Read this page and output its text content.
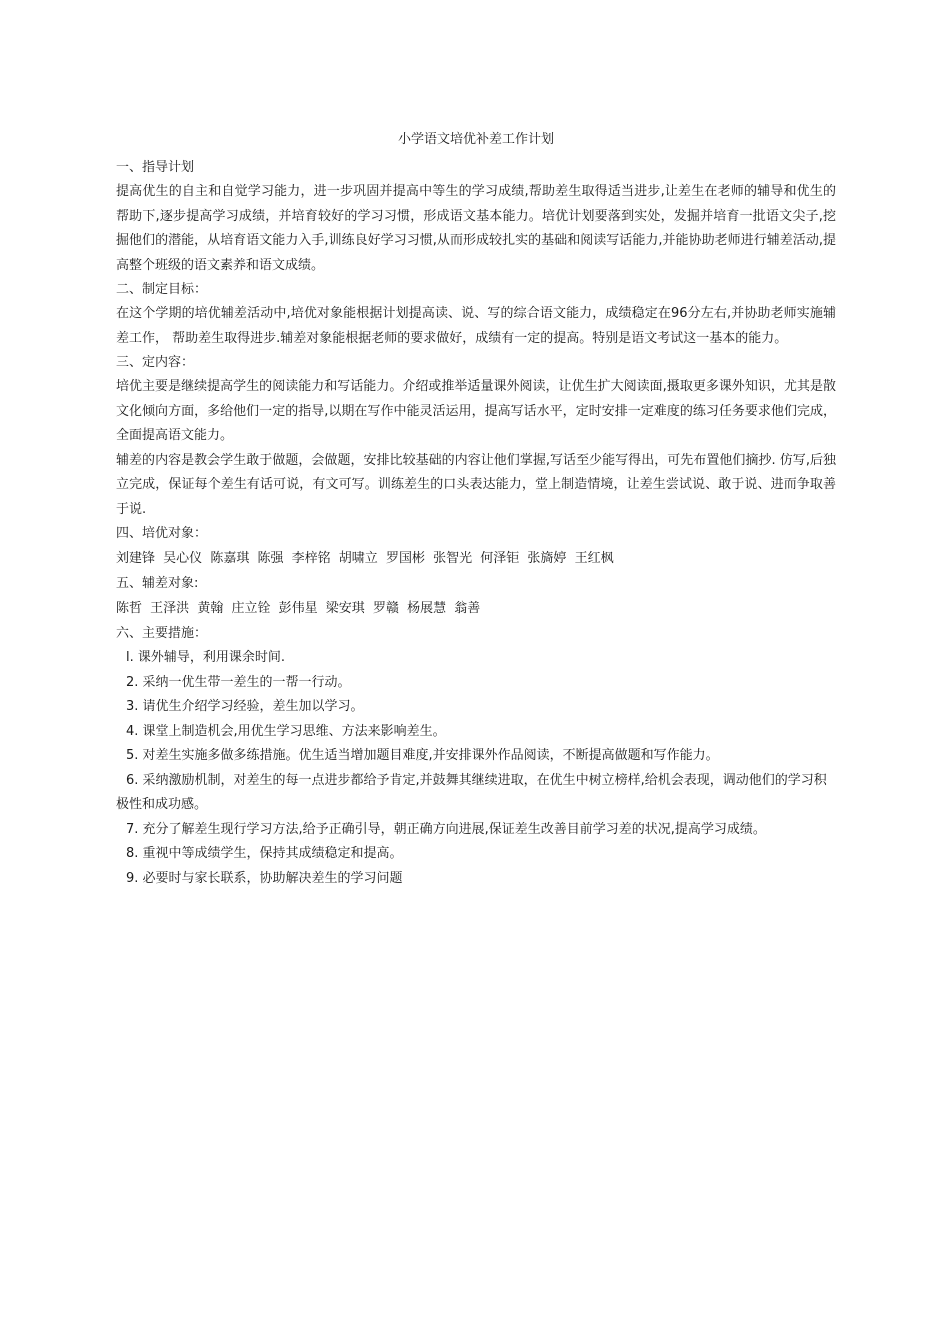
小学语文培优补差工作计划

一、指导计划

提高优生的自主和自觉学习能力，进一步巩固并提高中等生的学习成绩,帮助差生取得适当进步,让差生在老师的辅导和优生的帮助下,逐步提高学习成绩，并培育较好的学习习惯，形成语文基本能力。培优计划要落到实处，发掘并培育一批语文尖子,挖掘他们的潜能，从培育语文能力入手,训练良好学习习惯,从而形成较扎实的基础和阅读写话能力,并能协助老师进行辅差活动,提高整个班级的语文素养和语文成绩。

二、制定目标：

在这个学期的培优辅差活动中,培优对象能根据计划提高读、说、写的综合语文能力，成绩稳定在96分左右,并协助老师实施辅差工作， 帮助差生取得进步.辅差对象能根据老师的要求做好，成绩有一定的提高。特别是语文考试这一基本的能力。

三、定内容：

培优主要是继续提高学生的阅读能力和写话能力。介绍或推举适量课外阅读，让优生扩大阅读面,摄取更多课外知识，尤其是散文化倾向方面，多给他们一定的指导,以期在写作中能灵活运用，提高写话水平，定时安排一定难度的练习任务要求他们完成，全面提高语文能力。

辅差的内容是教会学生敢于做题，会做题，安排比较基础的内容让他们掌握,写话至少能写得出，可先布置他们摘抄. 仿写,后独立完成，保证每个差生有话可说，有文可写。训练差生的口头表达能力，堂上制造情境，让差生尝试说、敢于说、进而争取善于说.

四、培优对象：

刘建锋 吴心仪 陈嘉琪 陈强 李梓铭 胡啸立 罗国彬 张智光 何泽钜 张旖婷 王红枫

五、辅差对象:

陈哲 王泽洪 黄翰 庄立铨 彭伟星 梁安琪 罗赣 杨展慧 翁善

六、主要措施：

l. 课外辅导，利用课余时间.
2. 采纳一优生带一差生的一帮一行动。
3. 请优生介绍学习经验，差生加以学习。
4. 课堂上制造机会,用优生学习思维、方法来影响差生。
5. 对差生实施多做多练措施。优生适当增加题目难度,并安排课外作品阅读，不断提高做题和写作能力。
6. 采纳激励机制，对差生的每一点进步都给予肯定,并鼓舞其继续进取，在优生中树立榜样,给机会表现，调动他们的学习积极性和成功感。
7. 充分了解差生现行学习方法,给予正确引导，朝正确方向进展,保证差生改善目前学习差的状况,提高学习成绩。
8. 重视中等成绩学生，保持其成绩稳定和提高。
9. 必要时与家长联系，协助解决差生的学习问题
